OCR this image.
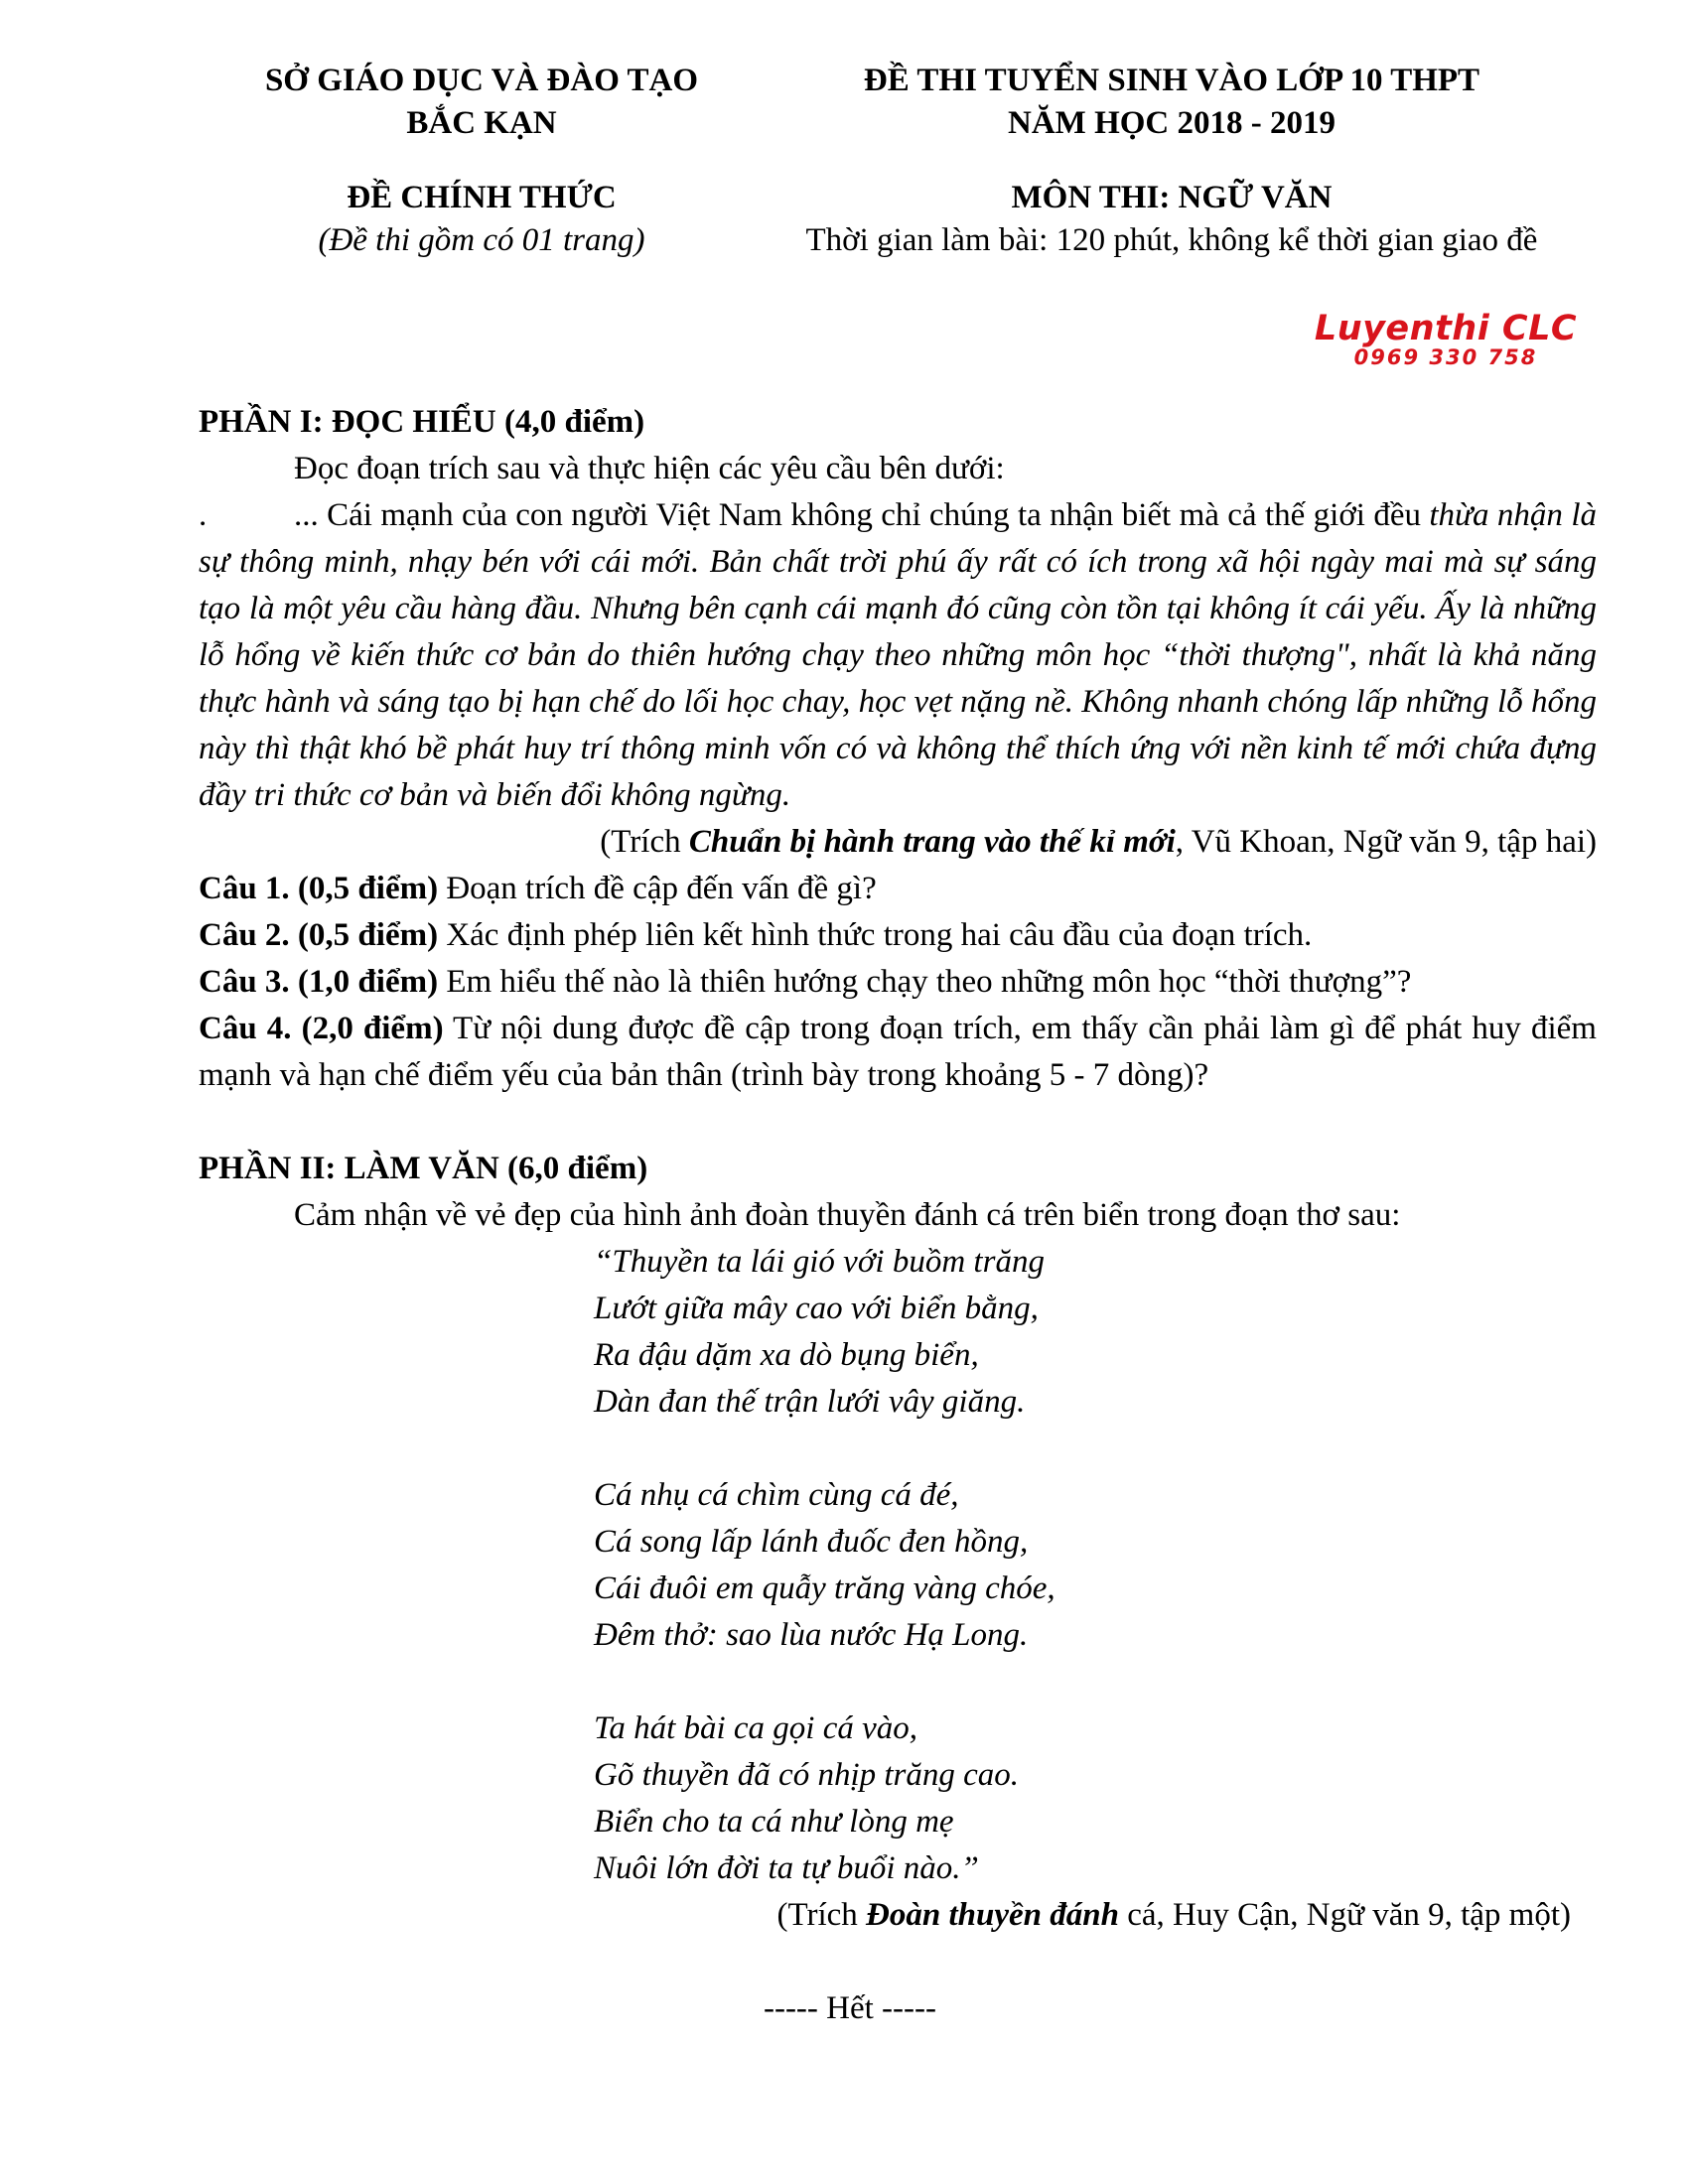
SỞ GIÁO DỤC VÀ ĐÀO TẠO
BẮC KẠN
ĐỀ CHÍNH THỨC
(Đề thi gồm có 01 trang)
ĐỀ THI TUYỂN SINH VÀO LỚP 10 THPT
NĂM HỌC 2018 - 2019
MÔN THI: NGỮ VĂN
Thời gian làm bài: 120 phút, không kể thời gian giao đề
Luyenthi CLC
0969 330 758

PHẦN I: ĐỌC HIỂU (4,0 điểm)

Đọc đoạn trích sau và thực hiện các yêu cầu bên dưới:

.	... Cái mạnh của con người Việt Nam không chỉ chúng ta nhận biết mà cả thế giới đều thừa nhận là sự thông minh, nhạy bén với cái mới. Bản chất trời phú ấy rất có ích trong xã hội ngày mai mà sự sáng tạo là một yêu cầu hàng đầu. Nhưng bên cạnh cái mạnh đó cũng còn tồn tại không ít cái yếu. Ấy là những lỗ hổng về kiến thức cơ bản do thiên hướng chạy theo những môn học “thời thượng", nhất là khả năng thực hành và sáng tạo bị hạn chế do lối học chay, học vẹt nặng nề. Không nhanh chóng lấp những lỗ hổng này thì thật khó bề phát huy trí thông minh vốn có và không thể thích ứng với nền kinh tế mới chứa đựng đầy tri thức cơ bản và biến đổi không ngừng.

(Trích Chuẩn bị hành trang vào thế kỉ mới, Vũ Khoan, Ngữ văn 9, tập hai)

Câu 1. (0,5 điểm) Đoạn trích đề cập đến vấn đề gì?

Câu 2. (0,5 điểm) Xác định phép liên kết hình thức trong hai câu đầu của đoạn trích.

Câu 3. (1,0 điểm) Em hiểu thế nào là thiên hướng chạy theo những môn học “thời thượng”?

Câu 4. (2,0 điểm) Từ nội dung được đề cập trong đoạn trích, em thấy cần phải làm gì để phát huy điểm mạnh và hạn chế điểm yếu của bản thân (trình bày trong khoảng 5 - 7 dòng)?

PHẦN II: LÀM VĂN (6,0 điểm)

Cảm nhận về vẻ đẹp của hình ảnh đoàn thuyền đánh cá trên biển trong đoạn thơ sau:

“Thuyền ta lái gió với buồm trăng
Lướt giữa mây cao với biển bằng,
Ra đậu dặm xa dò bụng biển,
Dàn đan thế trận lưới vây giăng.
Cá nhụ cá chìm cùng cá đé,
Cá song lấp lánh đuốc đen hồng,
Cái đuôi em quẫy trăng vàng chóe,
Đêm thở: sao lùa nước Hạ Long.
Ta hát bài ca gọi cá vào,
Gõ thuyền đã có nhịp trăng cao.
Biển cho ta cá như lòng mẹ
Nuôi lớn đời ta tự buổi nào.”

(Trích Đoàn thuyền đánh cá, Huy Cận, Ngữ văn 9, tập một)

----- Hết -----
